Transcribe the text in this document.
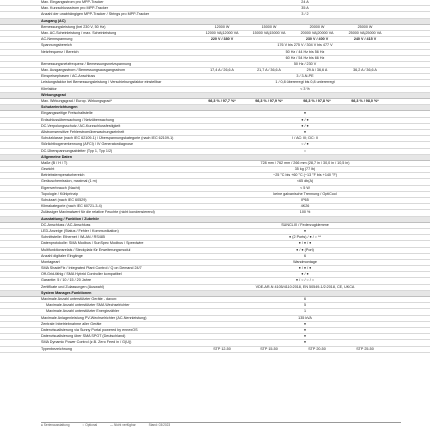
Max. Eingangsstrom pro MPP-Tracker	24 A
Max. Kurzschlussstrom pro MPP-Tracker	35 A
Anzahl der unabhängigen MPP-Tracker / Strings pro MPP-Tracker	3 / 2
Ausgang (AC)
Bemessungsleistung (bei 230 V, 50 Hz)	12000 W	15000 W	20000 W	25000 W
Max. AC-Scheinleistung / max. Scheinleistung	12000 VA|12000 VA	15000 VA|15000 VA	20000 VA|20000 VA	25000 VA|25000 VA
AC-Nennspannung	220 V / 380 V	230 V / 400 V	240 V / 415 V
Spannungsbereich	176 V bis 275 V / 304 V bis 477 V
Netzfrequenz / Bereich	50 Hz / 44 Hz bis 56 Hz
60 Hz / 54 Hz bis 66 Hz
Bemessungsnetzfrequenz / Bemessungsnetzspannung	50 Hz / 230 V
Max. Ausgangsstrom / Bemessungsausgangsstrom	17,4 A / 26,6 A	21,7 A / 36,6 A	29 A / 36,6 A	36,2 A / 36,6 A
Einspeisephasen / AC-Anschluss	3 / 3-N-PE
Leistungsfaktor bei Bemessungsleistung / Verschiebungsfaktor einstellbar	1 / 0,8 übererregt bis 0,8 untererregt
Klirrfaktor	< 3 %
Wirkungsgrad
Max. Wirkungsgrad / Europ. Wirkungsgrad*	98,3 % / 97,7 %*	98,3 % / 97,9 %*	98,3 % / 97,8 %*	98,3 % / 98,0 %*
Schutzeinrichtungen
Eingangsseitige Freischaltstelle	●
Erdschlussüberwachung / Netzüberwachung	● / ●
DC-Verpolungsschutz / AC-Kurzschlussfestigkeit	● / ●
Allstromsensitive Fehlerstromüberwachungseinheit	●
Schutzklasse (nach IEC 62109-1) / Überspannungskategorie (nach IEC 62109-1)	I / AC: III; DC: II
Störlichtbogenerkennung (AFCI) / IV Generatordiagnose	○ / ●
DC-Überspannungsableiter (Typ 1, Typ 1/2)	○
Allgemeine Daten
Maße (B / H / T)	728 mm / 762 mm / 266 mm (28,7 in / 30,0 in / 10,5 in)
Gewicht	35 kg (77 lb)
Betriebstemperaturbereich	−25 °C bis +60 °C (−13 °F bis +140 °F)
Geräuschemission, maximal (1 m)	<65 db(A)
Eigenverbrauch (Nacht)	< 5 W
Topologie / Kühlprinzip	keine galvanische Trennung / OptiCool
Schutzart (nach IEC 60529)	IP65
Klimakategorie (nach IEC 60721-3-4)	4K26
Zulässiger Maximalwert für die relative Feuchte (nicht kondensierend)	100 %
Ausstattung / Funktion / Zubehör
DC-Anschluss / AC-Anschluss	SUNCLIX / Federzugklemme
LED-Anzeige (Status / Fehler / Kommunikation)	●
Schnittstelle: Ethernet / WLAN / RS485	● (2 Ports) / ● / ○ **
Datenprotokolle: SMA Modbus / SunSpec Modbus / Speedwire	● / ● / ●
Multifunktionsrelais / Steckplatz für Erweiterungsmodul	● / ● (Port)
Anzahl digitaler Eingänge	6
Montageart	Wandmontage
SMA ShadeFix / Integrated Plant Control / Q on Demand 24/7	● / ● / ●
Off-Grid-fähig / SMA Hybrid Controller kompatibel	● / ●
Garantie: 5 / 10 / 15 / 20 Jahre	● / ○ / ○ / ○
Zertifikate und Zulassungen (Auswahl)	VDE-AR-N 4105/4110:2018, EN 50549-1/2:2018, CE, UKCA
System Manager-Funktionen
Maximale Anzahl unterstützter Geräte - davon:	6
Maximale Anzahl unterstützter SMA Wechselrichter	5
Maximale Anzahl unterstützter Energiezähler	1
Maximale Anlagenleistung PV-Wechselrichter (AC-Nennleistung)	135 kVA
Zentrale Inbetriebnahme aller Geräte	●
Datenvisualisierung via Sunny Portal powered by ennexOS	●
Datenvisualisierung über SMA SPOT (Deutschland)	●
SMA Dynamic Power Control (z.B. Zero Feed in / G(U))	●
Typenbezeichnung	STP 12-50	STP 15-50	STP 20-50	STP 25-50
● Serienausstattung	○ Optional	— Nicht verfügbar	Stand: 03/2023
